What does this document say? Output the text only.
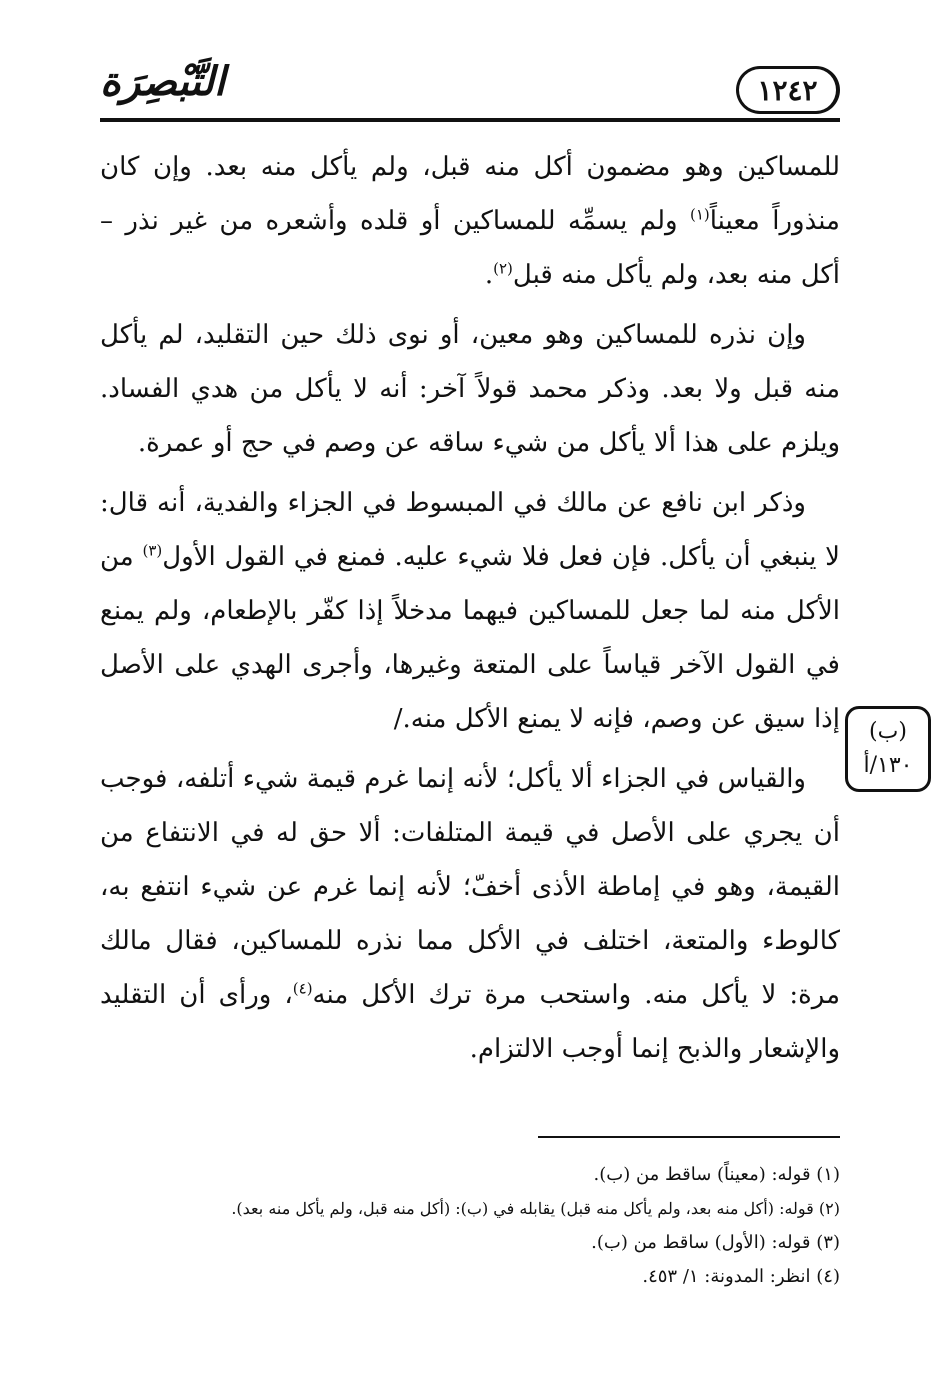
التَّبْصِرَة	١٢٤٢

للمساكين وهو مضمون أكل منه قبل، ولم يأكل منه بعد. وإن كان منذوراً معيناً$^{(١)}$ ولم يسمِّه للمساكين أو قلده وأشعره من غير نذر – أكل منه بعد، ولم يأكل منه قبل$^{(٢)}$.

وإن نذره للمساكين وهو معين، أو نوى ذلك حين التقليد، لم يأكل منه قبل ولا بعد. وذكر محمد قولاً آخر: أنه لا يأكل من هدي الفساد. ويلزم على هذا ألا يأكل من شيء ساقه عن وصم في حج أو عمرة.

وذكر ابن نافع عن مالك في المبسوط في الجزاء والفدية، أنه قال: لا ينبغي أن يأكل. فإن فعل فلا شيء عليه. فمنع في القول الأول$^{(٣)}$ من الأكل منه لما جعل للمساكين فيهما مدخلاً إذا كفّر بالإطعام، ولم يمنع في القول الآخر قياساً على المتعة وغيرها، وأجرى الهدي على الأصل إذا سيق عن وصم، فإنه لا يمنع الأكل منه./

والقياس في الجزاء ألا يأكل؛ لأنه إنما غرم قيمة شيء أتلفه، فوجب أن يجري على الأصل في قيمة المتلفات: ألا حق له في الانتفاع من القيمة، وهو في إماطة الأذى أخفّ؛ لأنه إنما غرم عن شيء انتفع به، كالوطء والمتعة، اختلف في الأكل مما نذره للمساكين، فقال مالك مرة: لا يأكل منه. واستحب مرة ترك الأكل منه$^{(٤)}$، ورأى أن التقليد والإشعار والذبح إنما أوجب الالتزام.

(ب)
١٣٠/أ

(١) قوله: (معيناً) ساقط من (ب).

(٢) قوله: (أكل منه بعد، ولم يأكل منه قبل) يقابله في (ب): (أكل منه قبل، ولم يأكل منه بعد).

(٣) قوله: (الأول) ساقط من (ب).

(٤) انظر: المدونة: ١/ ٤٥٣.
